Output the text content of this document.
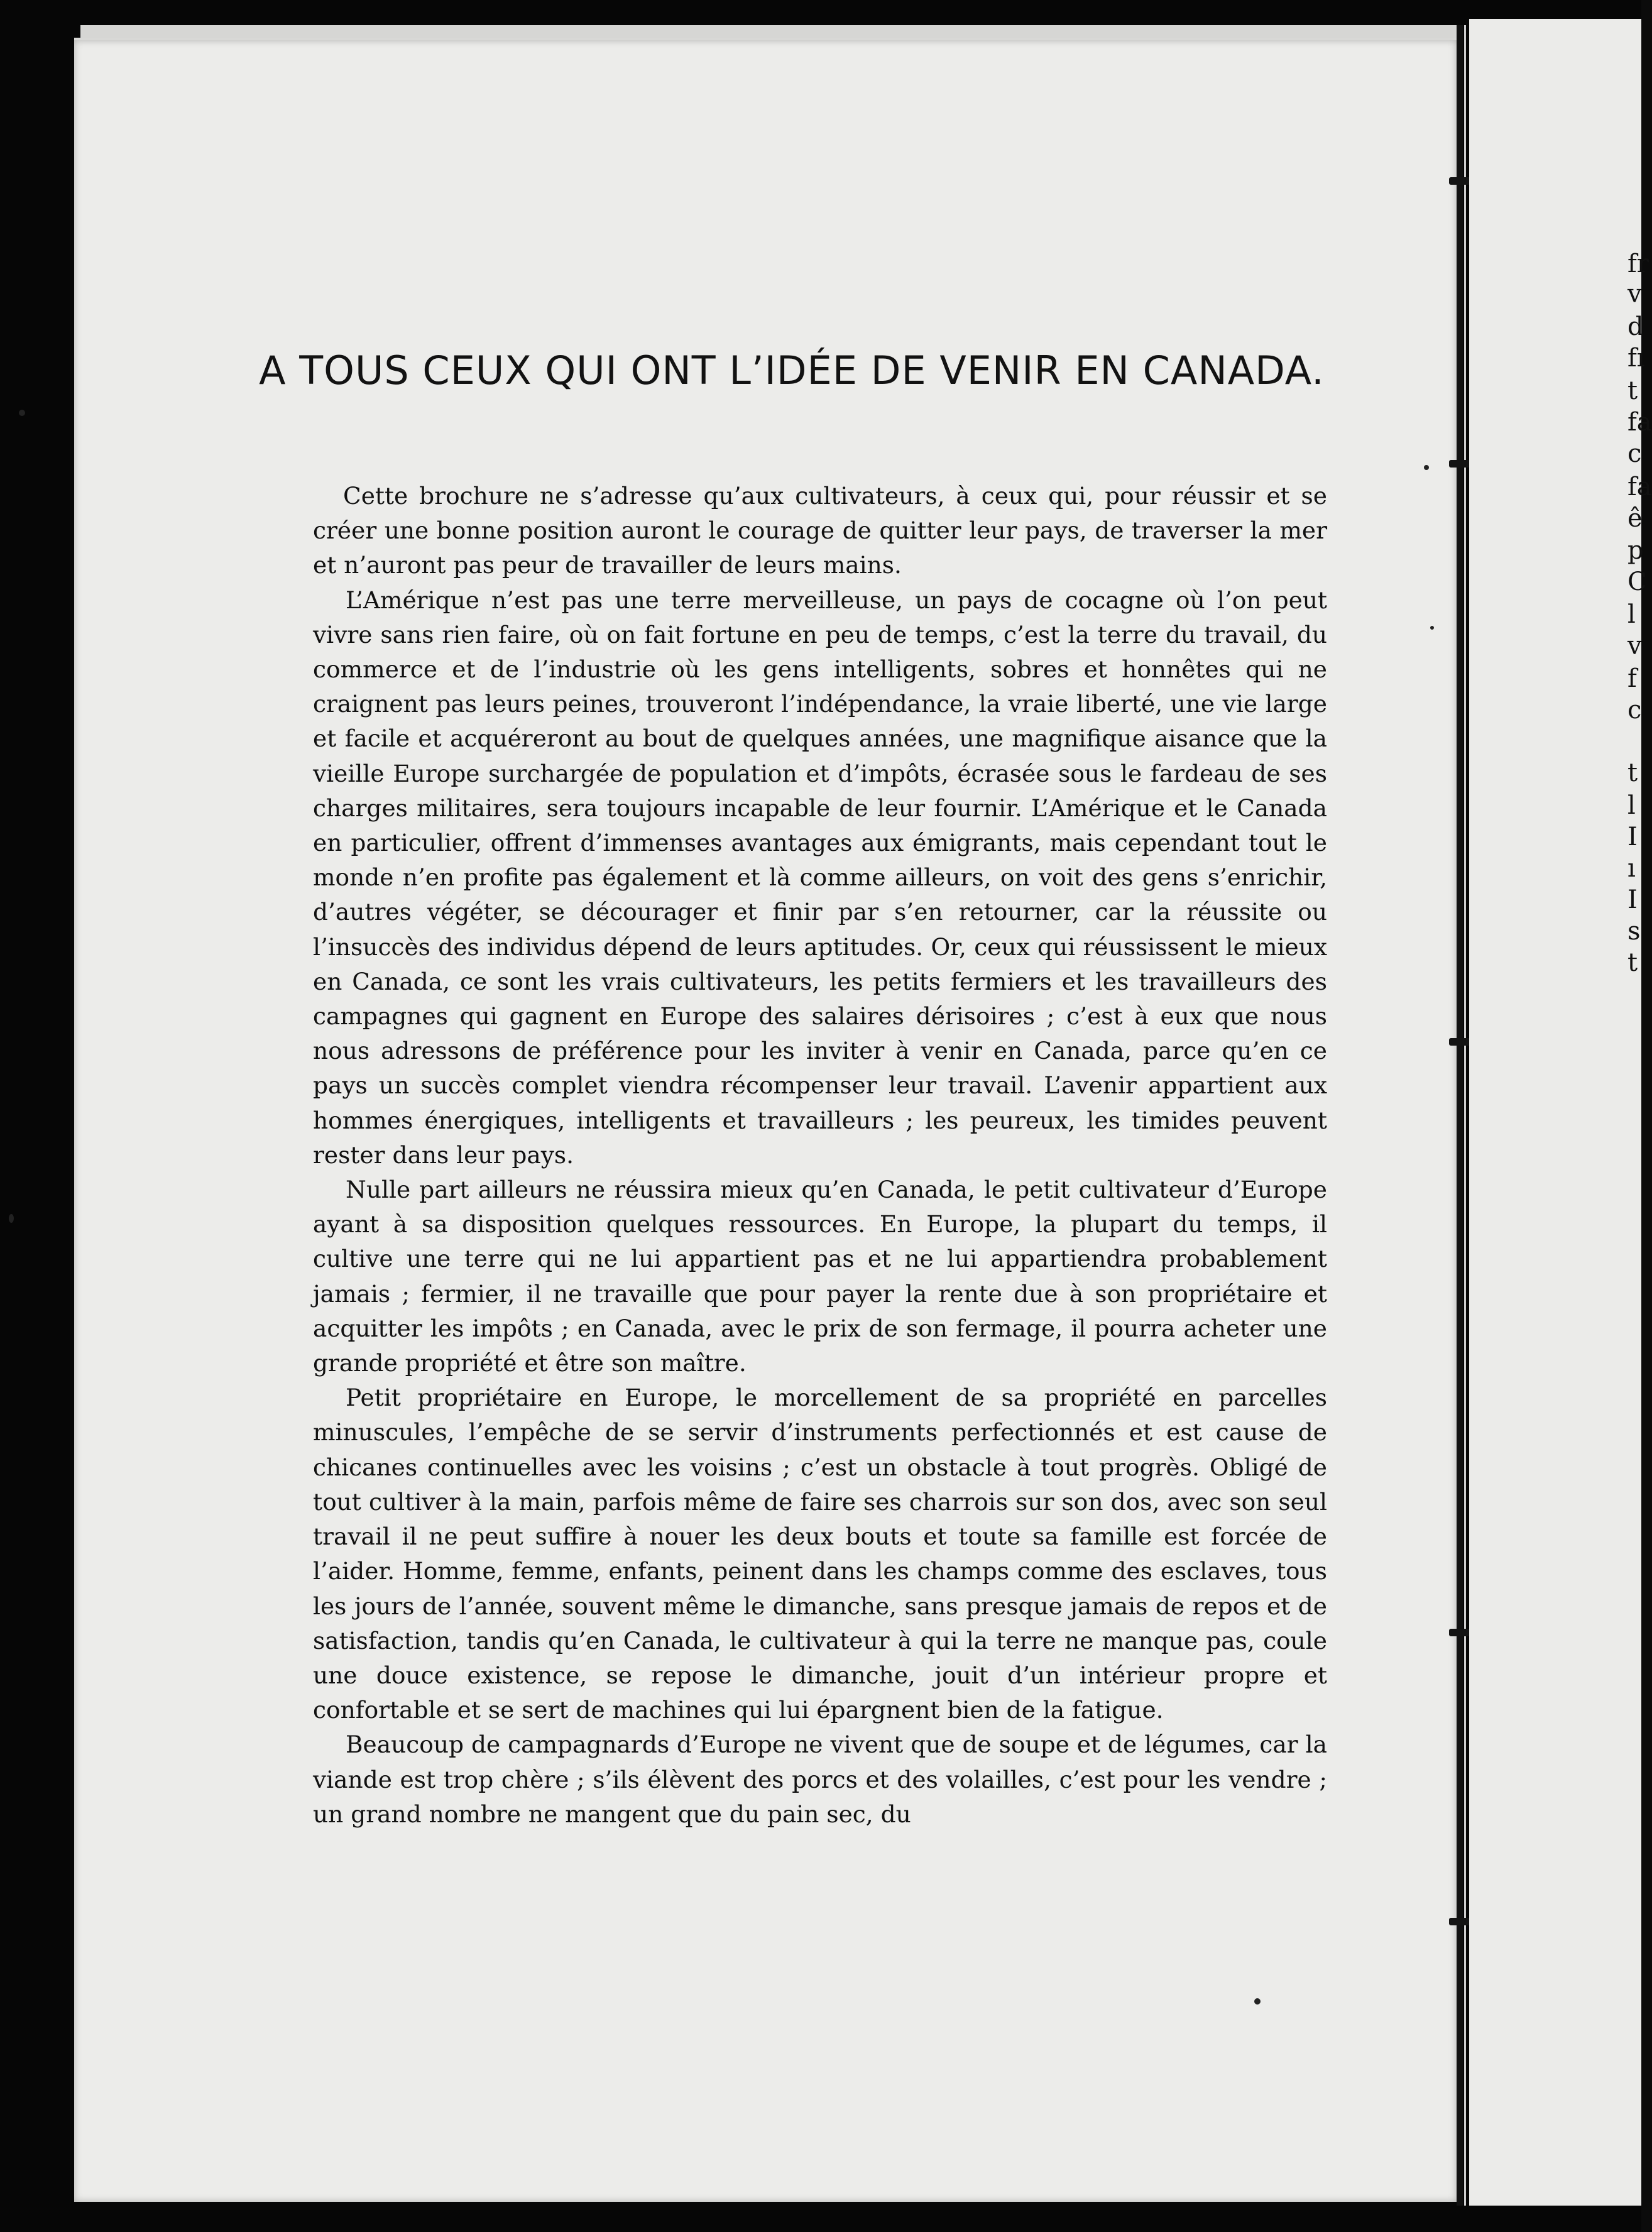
fr
v
d
fı
t
fa
c
fa
ê
p
C
l
v
f
c
t
l
I
ı
I
s
t
A TOUS CEUX QUI ONT L’IDÉE DE VENIR EN CANADA.

Cette brochure ne s’adresse qu’aux cultivateurs, à ceux qui, pour réussir et se créer une bonne position auront le courage de quitter leur pays, de traverser la mer et n’auront pas peur de travailler de leurs mains.

L’Amérique n’est pas une terre merveilleuse, un pays de cocagne où l’on peut vivre sans rien faire, où on fait fortune en peu de temps, c’est la terre du travail, du commerce et de l’industrie où les gens intelligents, sobres et honnêtes qui ne craignent pas leurs peines, trouveront l’indépendance, la vraie liberté, une vie large et facile et acquéreront au bout de quelques années, une magnifique aisance que la vieille Europe surchargée de population et d’impôts, écrasée sous le fardeau de ses charges militaires, sera toujours incapable de leur fournir. L’Amérique et le Canada en particulier, offrent d’immenses avantages aux émigrants, mais cependant tout le monde n’en profite pas également et là comme ailleurs, on voit des gens s’enrichir, d’autres végéter, se décourager et finir par s’en retourner, car la réussite ou l’insuccès des individus dépend de leurs aptitudes. Or, ceux qui réussissent le mieux en Canada, ce sont les vrais cultivateurs, les petits fermiers et les travailleurs des campagnes qui gagnent en Europe des salaires dérisoires ; c’est à eux que nous nous adressons de préférence pour les inviter à venir en Canada, parce qu’en ce pays un succès complet viendra récompenser leur travail. L’avenir appartient aux hommes énergiques, intelligents et travailleurs ; les peureux, les timides peuvent rester dans leur pays.

Nulle part ailleurs ne réussira mieux qu’en Canada, le petit cultivateur d’Europe ayant à sa disposition quelques ressources. En Europe, la plupart du temps, il cultive une terre qui ne lui appartient pas et ne lui appartiendra probablement jamais ; fermier, il ne travaille que pour payer la rente due à son propriétaire et acquitter les impôts ; en Canada, avec le prix de son fermage, il pourra acheter une grande propriété et être son maître.

Petit propriétaire en Europe, le morcellement de sa propriété en parcelles minuscules, l’empêche de se servir d’instruments perfectionnés et est cause de chicanes continuelles avec les voisins ; c’est un obstacle à tout progrès. Obligé de tout cultiver à la main, parfois même de faire ses charrois sur son dos, avec son seul travail il ne peut suffire à nouer les deux bouts et toute sa famille est forcée de l’aider. Homme, femme, enfants, peinent dans les champs comme des esclaves, tous les jours de l’année, souvent même le dimanche, sans presque jamais de repos et de satisfaction, tandis qu’en Canada, le cultivateur à qui la terre ne manque pas, coule une douce existence, se repose le dimanche, jouit d’un intérieur propre et confortable et se sert de machines qui lui épargnent bien de la fatigue.

Beaucoup de campagnards d’Europe ne vivent que de soupe et de légumes, car la viande est trop chère ; s’ils élèvent des porcs et des volailles, c’est pour les vendre ; un grand nombre ne mangent que du pain sec, du
